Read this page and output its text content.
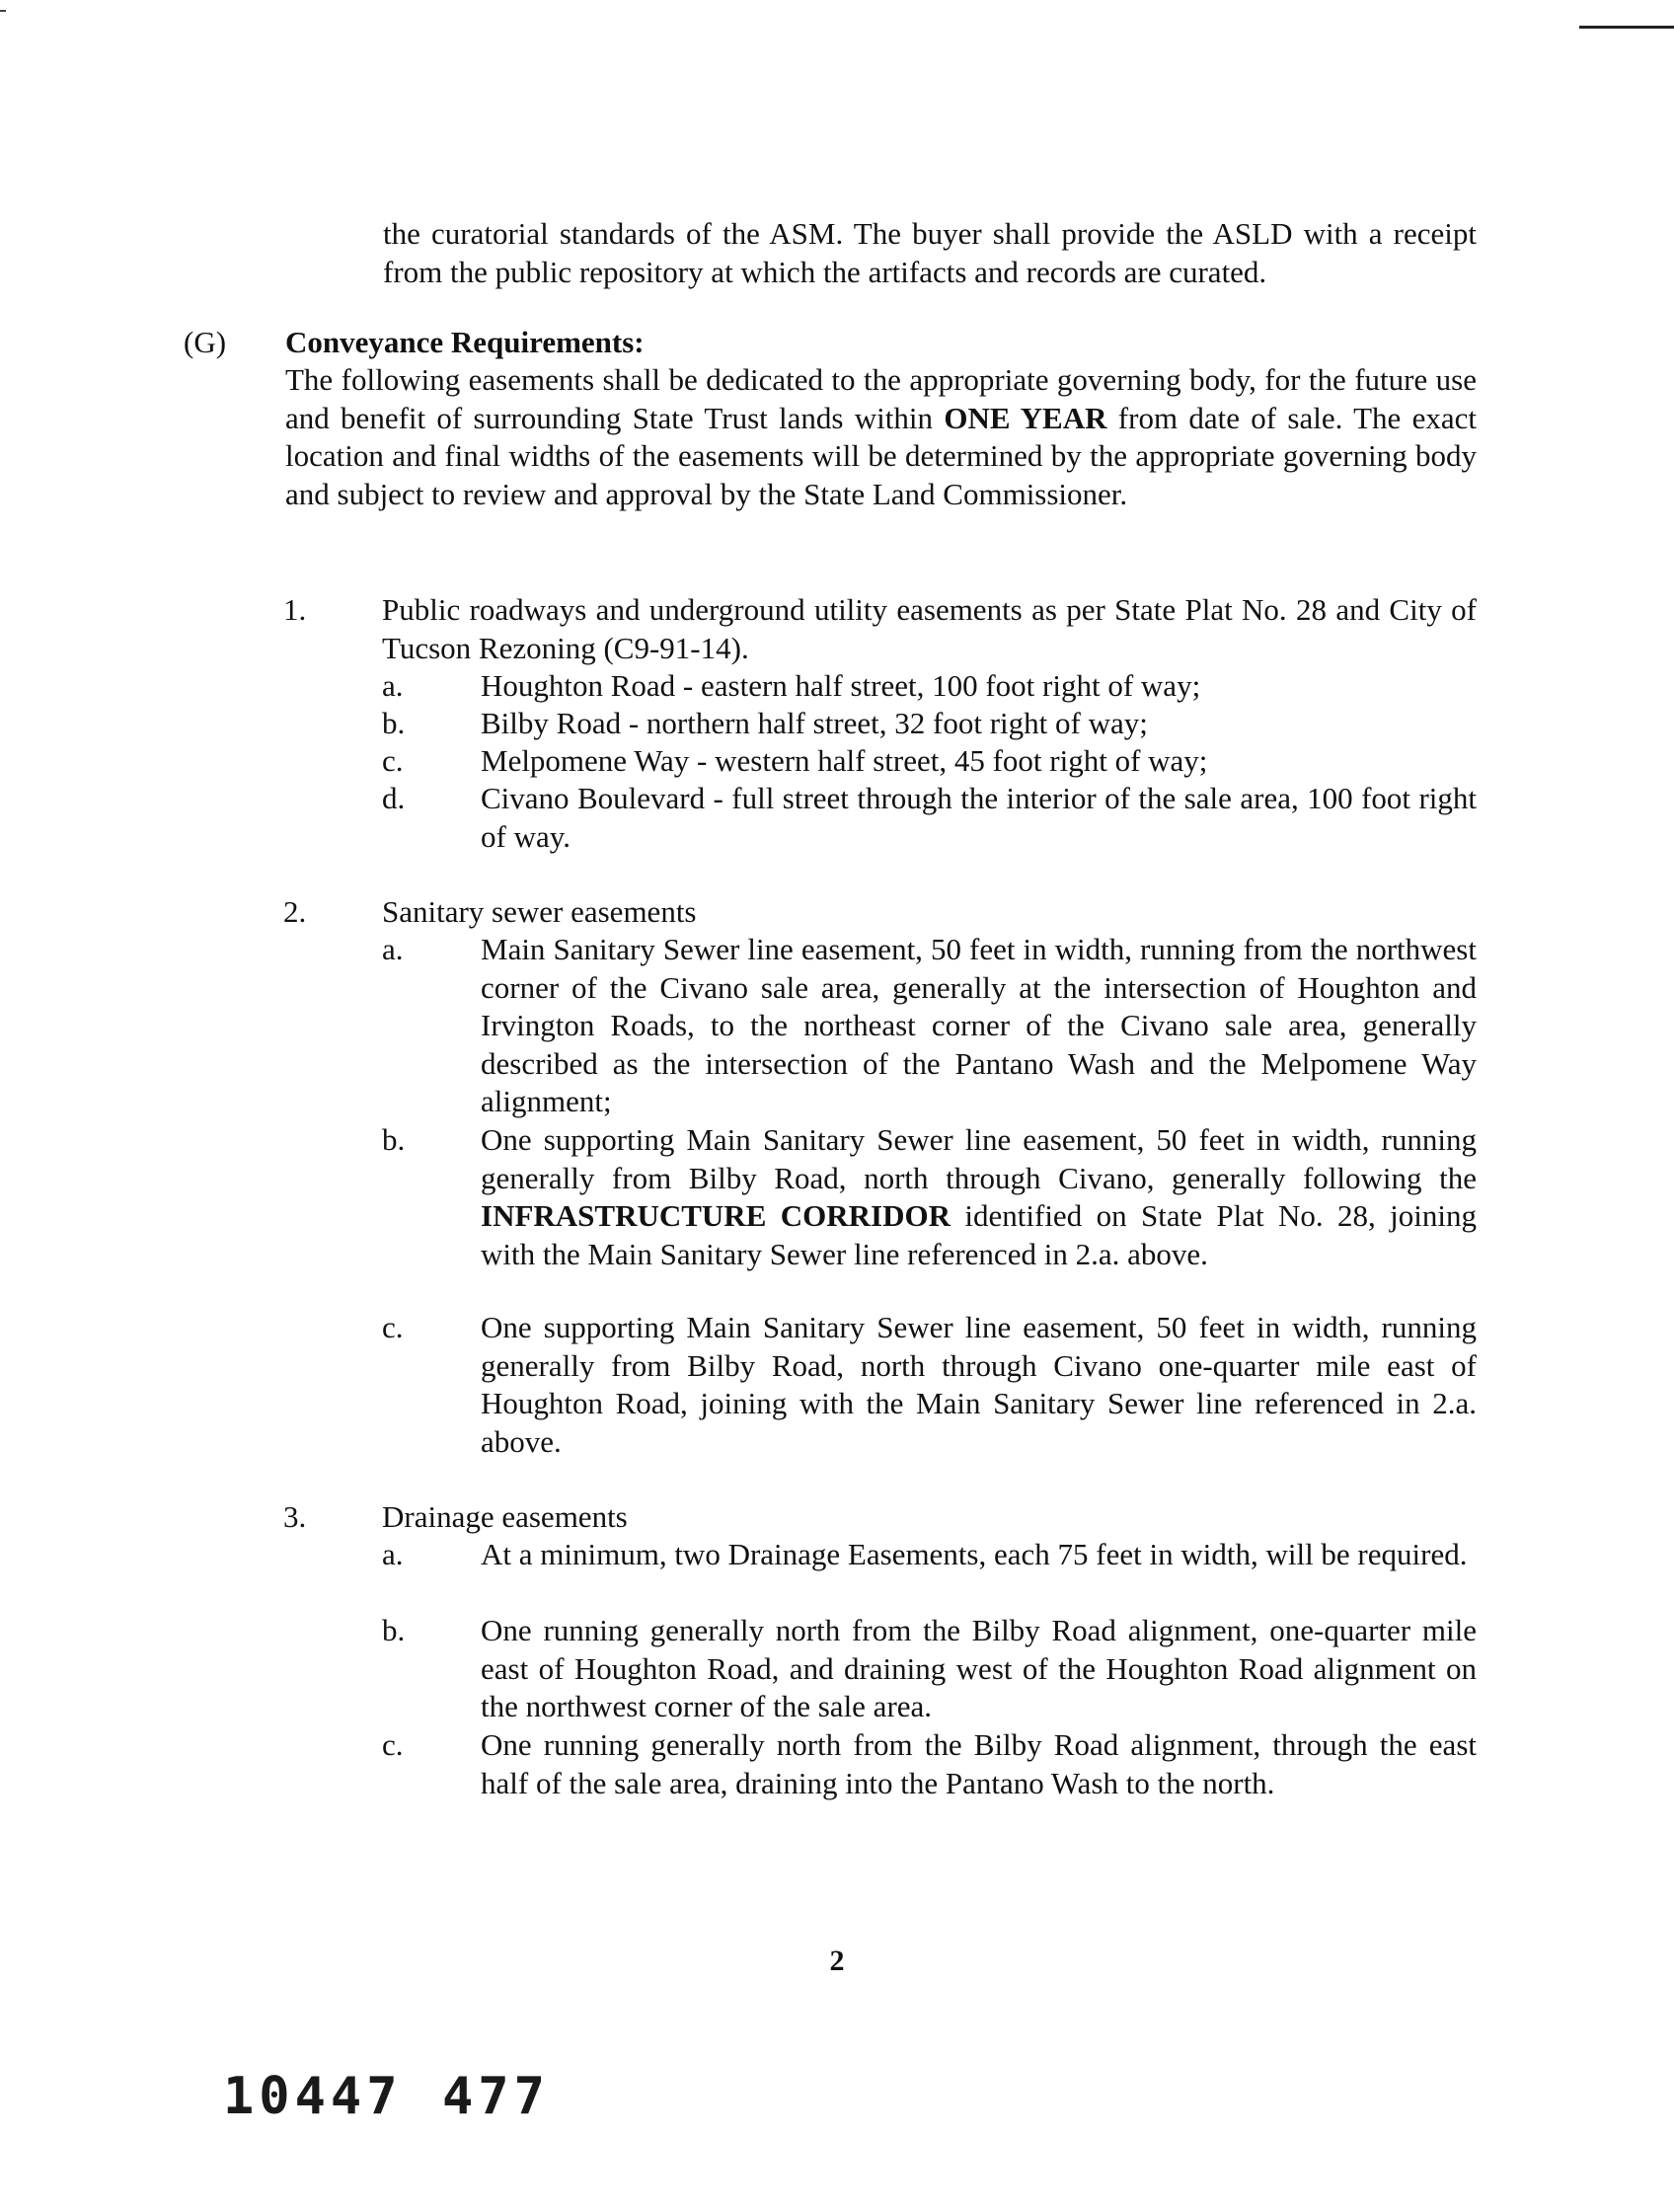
the curatorial standards of the ASM. The buyer shall provide the ASLD with a receipt from the public repository at which the artifacts and records are curated.
(G) Conveyance Requirements:
The following easements shall be dedicated to the appropriate governing body, for the future use and benefit of surrounding State Trust lands within ONE YEAR from date of sale. The exact location and final widths of the easements will be determined by the appropriate governing body and subject to review and approval by the State Land Commissioner.
1. Public roadways and underground utility easements as per State Plat No. 28 and City of Tucson Rezoning (C9-91-14).
a.	Houghton Road - eastern half street, 100 foot right of way;
b. Bilby Road - northern half street, 32 foot right of way;
c.	Melpomene Way - western half street, 45 foot right of way;
d. Civano Boulevard - full street through the interior of the sale area, 100 foot right of way.
2. Sanitary sewer easements
a.	Main Sanitary Sewer line easement, 50 feet in width, running from the northwest corner of the Civano sale area, generally at the intersection of Houghton and Irvington Roads, to the northeast corner of the Civano sale area, generally described as the intersection of the Pantano Wash and the Melpomene Way alignment;
b. One supporting Main Sanitary Sewer line easement, 50 feet in width, running generally from Bilby Road, north through Civano, generally following the INFRASTRUCTURE CORRIDOR identified on State Plat No. 28, joining with the Main Sanitary Sewer line referenced in 2.a. above.
c.	One supporting Main Sanitary Sewer line easement, 50 feet in width, running generally from Bilby Road, north through Civano one-quarter mile east of Houghton Road, joining with the Main Sanitary Sewer line referenced in 2.a. above.
3. Drainage easements
a.	At a minimum, two Drainage Easements, each 75 feet in width, will be required.
b. One running generally north from the Bilby Road alignment, one-quarter mile east of Houghton Road, and draining west of the Houghton Road alignment on the northwest corner of the sale area.
c.	One running generally north from the Bilby Road alignment, through the east half of the sale area, draining into the Pantano Wash to the north.
2
10447 477
